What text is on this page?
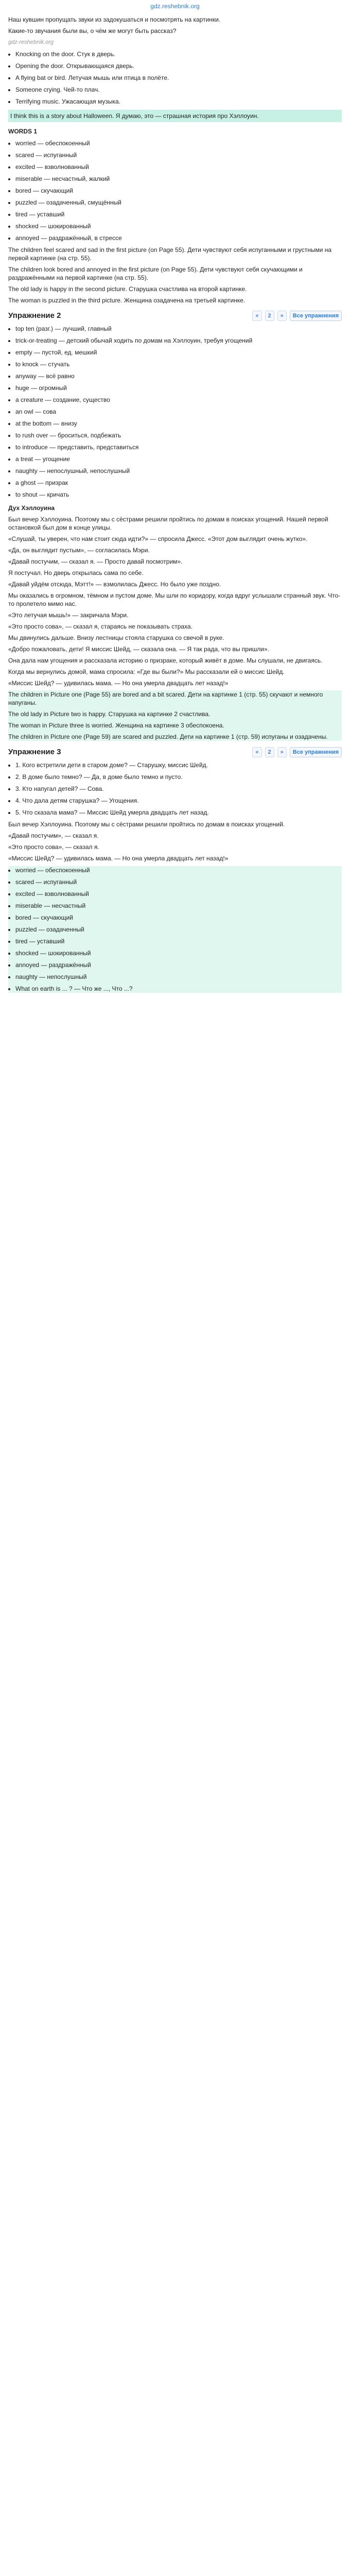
gdz.reshebnik.org

Наш кувшин пропущать звуки из задокушаться и посмотрять на картинки.

Какие-то звучания были вы, о чём же могут быть рассказ?

gdz-reshebnik.org
• Knocking on the door. Стук в дверь.
• Opening the door. Открывающаяся дверь.
• A flying bat or bird. Летучая мышь или птица в полёте.
• Someone crying. Чей-то плач.
• Terrifying music. Ужасающая музыка.
I think this is a story about Halloween. Я думаю, это — страшная история про Хэллоуин.
WORDS 1
• worried — обеспокоенный
• scared — испуганный
• excited — взволнованный
• miserable — несчастный, жалкий
• bored — скучающий
• puzzled — озадаченный, смущённый
• tired — уставший
• shocked — шокированный
• annoyed — раздражённый, в стрессе

The children feel scared and sad in the first picture (on Page 55). Дети чувствуют себя испуганными и грустными на первой картинке (на стр. 55).

The children look bored and annoyed in the first picture (on Page 55). Дети чувствуют себя скучающими и раздражёнными на первой картинке (на стр. 55).

The old lady is happy in the second picture. Старушка счастлива на второй картинке.

The woman is puzzled in the third picture. Женщина озадачена на третьей картинке.

Упражнение 2	«	2	»	Все упражнения
• top ten (разг.) — лучший, главный
• trick-or-treating — детский обычай ходить по домам на Хэллоуин, требуя угощений
• empty — пустой, ед. мешкий
• to knock — стучать
• anyway — всё равно
• huge — огромный
• a creature — создание, существо
• an owl — сова
• at the bottom — внизу
• to rush over — броситься, подбежать
• to introduce — представить, представиться
• a treat — угощение
• naughty — непослушный, непослушный
• a ghost — призрак
• to shout — кричать
Дух Хэллоуина

Был вечер Хэллоуина. Поэтому мы с сёстрами решили пройтись по домам в поисках угощений. Нашей первой остановкой был дом в конце улицы.

«Слушай, ты уверен, что нам стоит сюда идти?» — спросила Джесс. «Этот дом выглядит очень жутко».

«Да, он выглядит пустым», — согласилась Мэри.

«Давай постучим, — сказал я. — Просто давай посмотрим».

Я постучал. Но дверь открылась сама по себе.

«Давай уйдём отсюда, Мэтт!» — взмолилась Джесс. Но было уже поздно.

Мы оказались в огромном, тёмном и пустом доме. Мы шли по коридору, когда вдруг услышали странный звук. Что-то пролетело мимо нас.

«Это летучая мышь!» — закричала Мэри.

«Это просто сова», — сказал я, стараясь не показывать страха.

Мы двинулись дальше. Внизу лестницы стояла старушка со свечой в руке.

«Добро пожаловать, дети! Я миссис Шейд, — сказала она. — Я так рада, что вы пришли».

Она дала нам угощения и рассказала историю о призраке, который живёт в доме. Мы слушали, не двигаясь.

Когда мы вернулись домой, мама спросила: «Где вы были?» Мы рассказали ей о миссис Шейд.

«Миссис Шейд? — удивилась мама. — Но она умерла двадцать лет назад!»

The children in Picture one (Page 55) are bored and a bit scared. Дети на картинке 1 (стр. 55) скучают и немного напуганы.

The old lady in Picture two is happy. Старушка на картинке 2 счастлива.

The woman in Picture three is worried. Женщина на картинке 3 обеспокоена.

The children in Picture one (Page 59) are scared and puzzled. Дети на картинке 1 (стр. 59) испуганы и озадачены.

Упражнение 3	«	2	»	Все упражнения
• 1. Кого встретили дети в старом доме? — Старушку, миссис Шейд.
• 2. В доме было темно? — Да, в доме было темно и пусто.
• 3. Кто напугал детей? — Сова.
• 4. Что дала детям старушка? — Угощения.
• 5. Что сказала мама? — Миссис Шейд умерла двадцать лет назад.

Был вечер Хэллоуина. Поэтому мы с сёстрами решили пройтись по домам в поисках угощений.

«Давай постучим», — сказал я.

«Это просто сова», — сказал я.

«Миссис Шейд? — удивилась мама. — Но она умерла двадцать лет назад!»

• worried — обеспокоенный
• scared — испуганный
• excited — взволнованный
• miserable — несчастный
• bored — скучающий
• puzzled — озадаченный
• tired — уставший
• shocked — шокированный
• annoyed — раздражённый
• naughty — непослушный
• What on earth is ... ? — Что же ..., Что ...?
